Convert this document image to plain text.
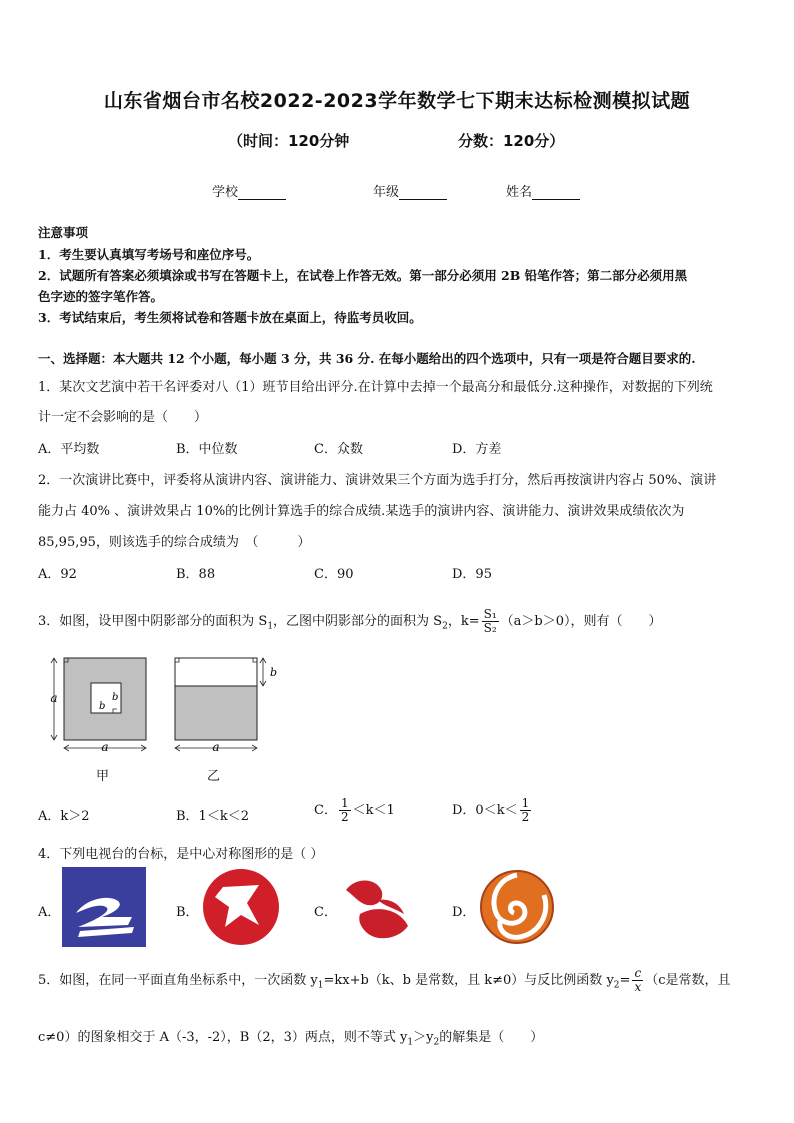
山东省烟台市名校2022-2023学年数学七下期末达标检测模拟试题
（时间：120分钟	分数：120分）
学校	年级	姓名
注意事项
1．考生要认真填写考场号和座位序号。
2．试题所有答案必须填涂或书写在答题卡上，在试卷上作答无效。第一部分必须用 2B 铅笔作答；第二部分必须用黑
色字迹的签字笔作答。
3．考试结束后，考生须将试卷和答题卡放在桌面上，待监考员收回。
一、选择题：本大题共 12 个小题，每小题 3 分，共 36 分. 在每小题给出的四个选项中，只有一项是符合题目要求的.
1．某次文艺演中若干名评委对八（1）班节目给出评分.在计算中去掉一个最高分和最低分.这种操作，对数据的下列统
计一定不会影响的是（　　）
A．平均数	B．中位数	C．众数	D．方差
2．一次演讲比赛中，评委将从演讲内容、演讲能力、演讲效果三个方面为选手打分，然后再按演讲内容占 50%、演讲
能力占 40% 、演讲效果占 10%的比例计算选手的综合成绩.某选手的演讲内容、演讲能力、演讲效果成绩依次为
85,95,95，则该选手的综合成绩为　（　　　）
A．92	B．88	C．90	D．95
3．如图，设甲图中阴影部分的面积为 $S_1$，乙图中阴影部分的面积为 $S_2$，$k= \frac{\text{S₁}}{\text{S₂}} (a>b>0)$，则有（　　）
b
b
a
a
b
a
甲	乙
A．k＞2	B．1＜k＜2	C． $\frac{1}{2} <k<1$	D．$0<k< \frac{1}{2}$
4．下列电视台的台标，是中心对称图形的是（ ）
A．	B．	C．	D．
5．如图，在同一平面直角坐标系中，一次函数 $y_1=kx+b(k$、b 是常数，且 k≠0）与反比例函数 $y_2= \frac{c}{x} (c$是常数，且
c≠0）的图象相交于 A（-3，-2），B（2，3）两点，则不等式 $y_1>y_2$的解集是（　　）
